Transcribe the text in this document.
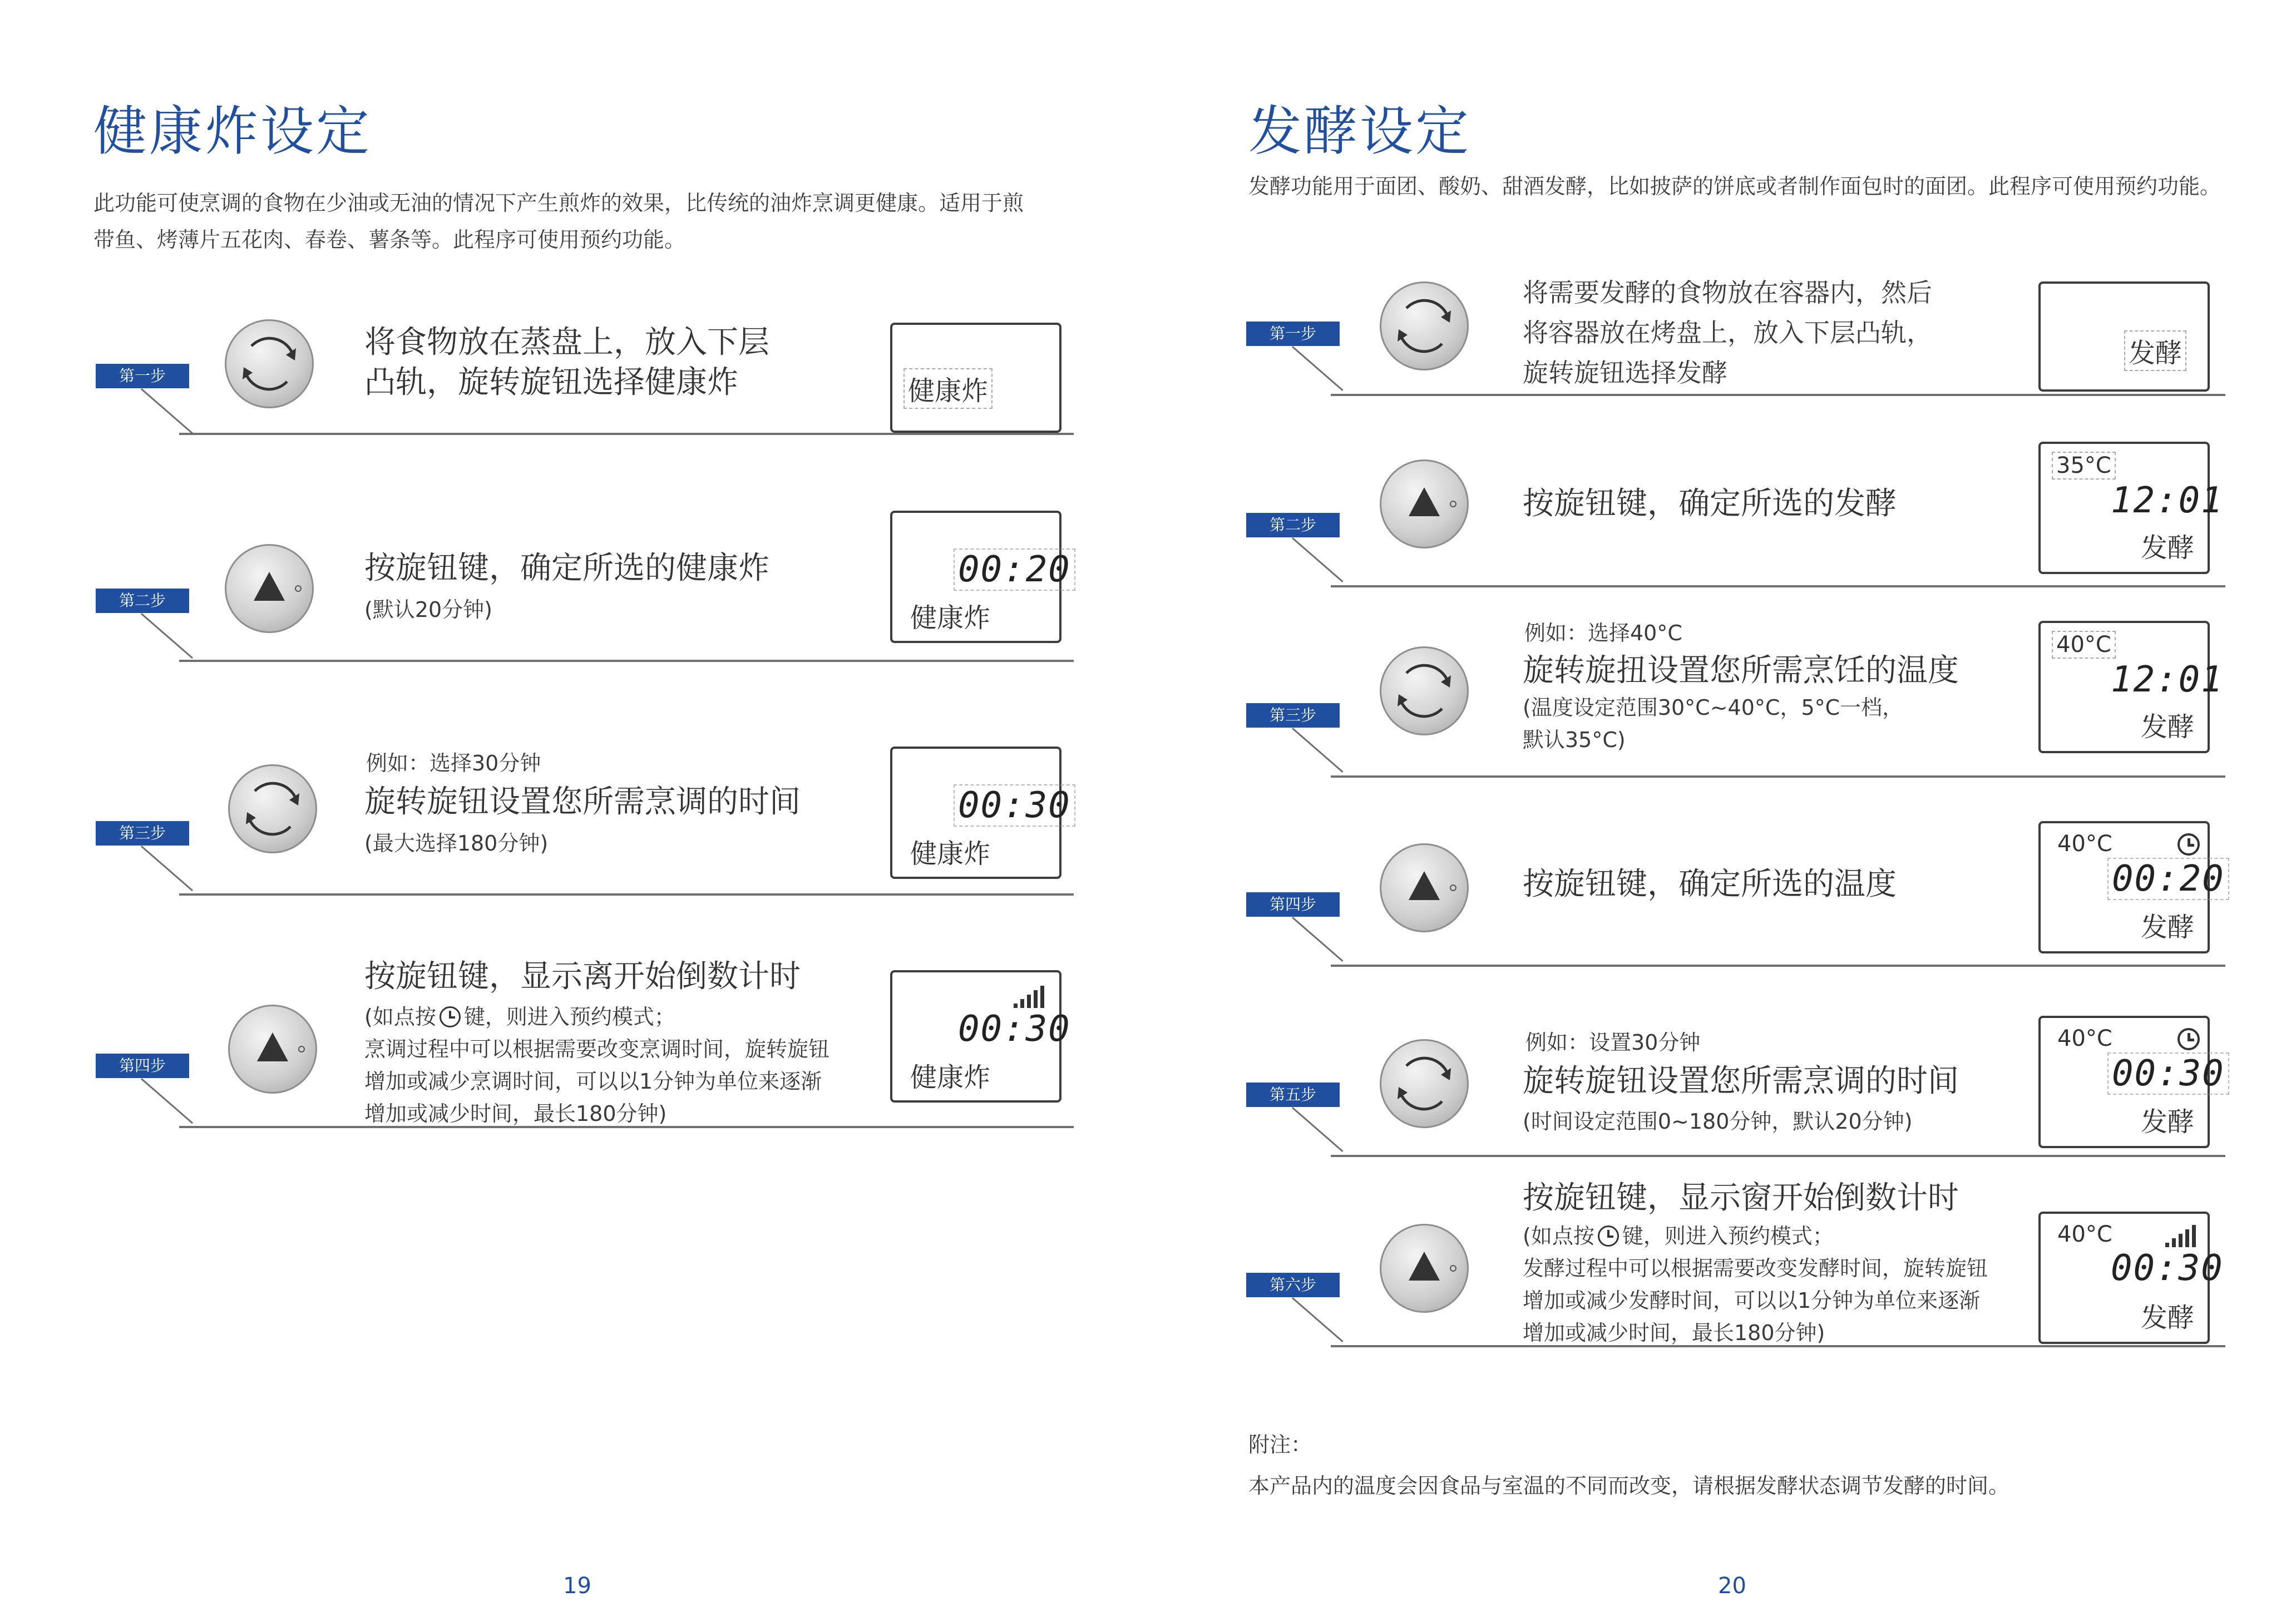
健康炸设定
此功能可使烹调的食物在少油或无油的情况下产生煎炸的效果，比传统的油炸烹调更健康。适用于煎
带鱼、烤薄片五花肉、春卷、薯条等。此程序可使用预约功能。
第一步
将食物放在蒸盘上，放入下层
凸轨，旋转旋钮选择健康炸	健康炸
第二步
按旋钮键，确定所选的健康炸
(默认20分钟)
00:20
健康炸
第三步
例如：选择30分钟
旋转旋钮设置您所需烹调的时间
(最大选择180分钟)
00:30
健康炸
第四步
按旋钮键，显示离开始倒数计时
(如点按 键，则进入预约模式；
烹调过程中可以根据需要改变烹调时间，旋转旋钮
增加或减少烹调时间，可以以1分钟为单位来逐渐
增加或减少时间，最长180分钟)
00:30
健康炸
19
发酵设定
发酵功能用于面团、酸奶、甜酒发酵，比如披萨的饼底或者制作面包时的面团。此程序可使用预约功能。
第一步
将需要发酵的食物放在容器内，然后
将容器放在烤盘上，放入下层凸轨，
旋转旋钮选择发酵
发酵
第二步
按旋钮键，确定所选的发酵
35°C
12:01
发酵
第三步
例如：选择40°C
旋转旋扭设置您所需烹饪的温度
(温度设定范围30°C~40°C，5°C一档，
默认35°C)
40°C
12:01
发酵
第四步
按旋钮键，确定所选的温度
40°C
00:20
发酵
第五步
例如：设置30分钟
旋转旋钮设置您所需烹调的时间
(时间设定范围0~180分钟，默认20分钟)
40°C
00:30
发酵
第六步
按旋钮键，显示窗开始倒数计时
(如点按 键，则进入预约模式；
发酵过程中可以根据需要改变发酵时间，旋转旋钮
增加或减少发酵时间，可以以1分钟为单位来逐渐
增加或减少时间，最长180分钟)
40°C
00:30
发酵
附注：
本产品内的温度会因食品与室温的不同而改变，请根据发酵状态调节发酵的时间。
20
